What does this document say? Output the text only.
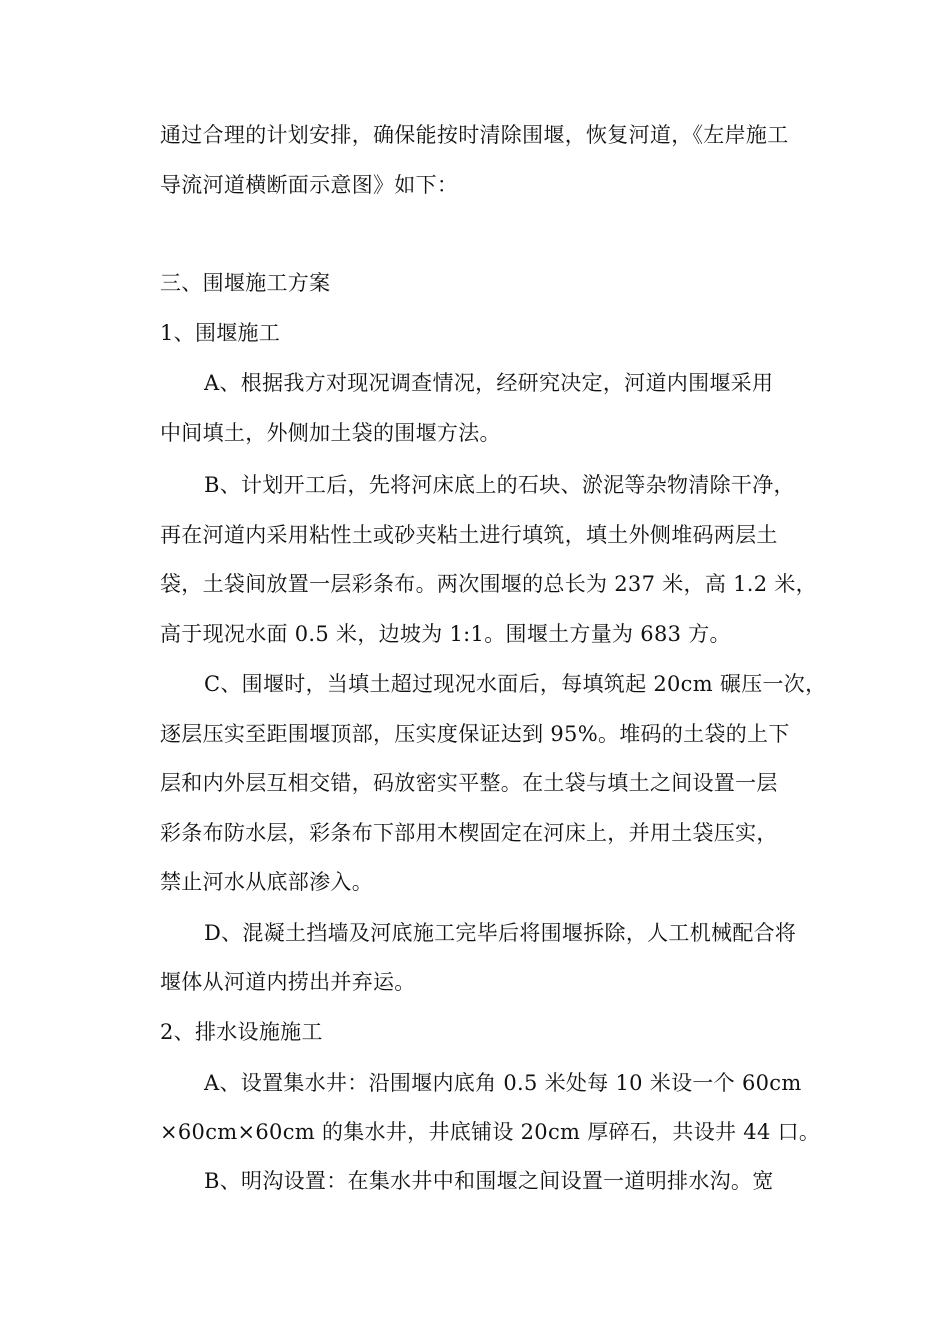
通过合理的计划安排，确保能按时清除围堰，恢复河道，《左岸施工
导流河道横断面示意图》如下：
三、围堰施工方案
1、围堰施工
A、根据我方对现况调查情况，经研究决定，河道内围堰采用
中间填土，外侧加土袋的围堰方法。
B、计划开工后，先将河床底上的石块、淤泥等杂物清除干净，
再在河道内采用粘性土或砂夹粘土进行填筑，填土外侧堆码两层土
袋，土袋间放置一层彩条布。两次围堰的总长为 237 米，高 1.2 米，
高于现况水面 0.5 米，边坡为 1:1。围堰土方量为 683 方。
C、围堰时，当填土超过现况水面后，每填筑起 20cm 碾压一次，
逐层压实至距围堰顶部，压实度保证达到 95%。堆码的土袋的上下
层和内外层互相交错，码放密实平整。在土袋与填土之间设置一层
彩条布防水层，彩条布下部用木楔固定在河床上，并用土袋压实，
禁止河水从底部渗入。
D、混凝土挡墙及河底施工完毕后将围堰拆除，人工机械配合将
堰体从河道内捞出并弃运。
2、排水设施施工
A、设置集水井：沿围堰内底角 0.5 米处每 10 米设一个 60cm
×60cm×60cm 的集水井，井底铺设 20cm 厚碎石，共设井 44 口。
B、明沟设置：在集水井中和围堰之间设置一道明排水沟。宽
